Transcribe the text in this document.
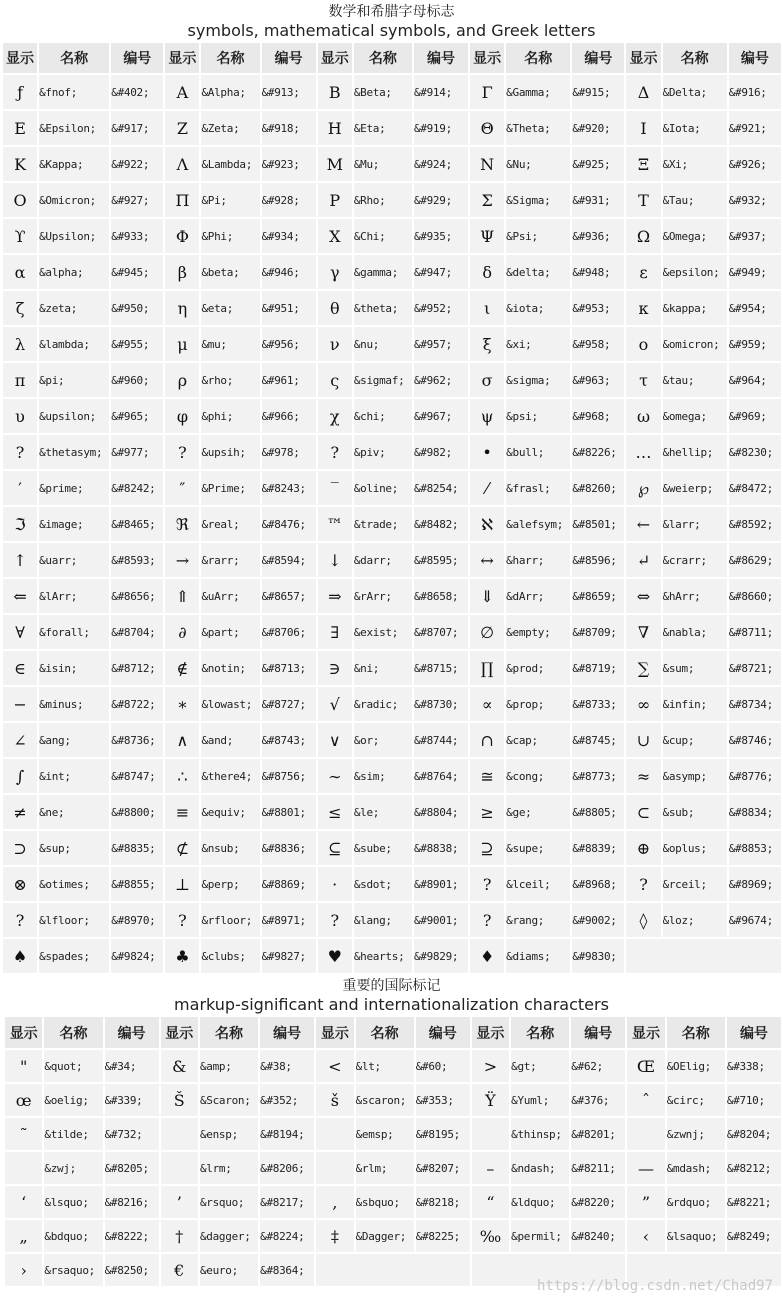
数学和希腊字母标志
symbols, mathematical symbols, and Greek letters
显示	名称	编号	显示	名称	编号	显示	名称	编号	显示	名称	编号	显示	名称	编号
ƒ	&fnof;	&#402;	Α	&Alpha;	&#913;	Β	&Beta;	&#914;	Γ	&Gamma;	&#915;	Δ	&Delta;	&#916;
Ε	&Epsilon;	&#917;	Ζ	&Zeta;	&#918;	Η	&Eta;	&#919;	Θ	&Theta;	&#920;	Ι	&Iota;	&#921;
Κ	&Kappa;	&#922;	Λ	&Lambda;	&#923;	Μ	&Mu;	&#924;	Ν	&Nu;	&#925;	Ξ	&Xi;	&#926;
Ο	&Omicron;	&#927;	Π	&Pi;	&#928;	Ρ	&Rho;	&#929;	Σ	&Sigma;	&#931;	Τ	&Tau;	&#932;
ϒ	&Upsilon;	&#933;	Φ	&Phi;	&#934;	Χ	&Chi;	&#935;	Ψ	&Psi;	&#936;	Ω	&Omega;	&#937;
α	&alpha;	&#945;	β	&beta;	&#946;	γ	&gamma;	&#947;	δ	&delta;	&#948;	ε	&epsilon;	&#949;
ζ	&zeta;	&#950;	η	&eta;	&#951;	θ	&theta;	&#952;	ι	&iota;	&#953;	κ	&kappa;	&#954;
λ	&lambda;	&#955;	μ	&mu;	&#956;	ν	&nu;	&#957;	ξ	&xi;	&#958;	ο	&omicron;	&#959;
π	&pi;	&#960;	ρ	&rho;	&#961;	ς	&sigmaf;	&#962;	σ	&sigma;	&#963;	τ	&tau;	&#964;
υ	&upsilon;	&#965;	φ	&phi;	&#966;	χ	&chi;	&#967;	ψ	&psi;	&#968;	ω	&omega;	&#969;
?	&thetasym;	&#977;	?	&upsih;	&#978;	?	&piv;	&#982;	•	&bull;	&#8226;	…	&hellip;	&#8230;
′	&prime;	&#8242;	″	&Prime;	&#8243;	‾	&oline;	&#8254;	⁄	&frasl;	&#8260;	℘	&weierp;	&#8472;
ℑ	&image;	&#8465;	ℜ	&real;	&#8476;	™	&trade;	&#8482;	ℵ	&alefsym;	&#8501;	←	&larr;	&#8592;
↑	&uarr;	&#8593;	→	&rarr;	&#8594;	↓	&darr;	&#8595;	↔	&harr;	&#8596;	↵	&crarr;	&#8629;
⇐	&lArr;	&#8656;	⇑	&uArr;	&#8657;	⇒	&rArr;	&#8658;	⇓	&dArr;	&#8659;	⇔	&hArr;	&#8660;
∀	&forall;	&#8704;	∂	&part;	&#8706;	∃	&exist;	&#8707;	∅	&empty;	&#8709;	∇	&nabla;	&#8711;
∈	&isin;	&#8712;	∉	&notin;	&#8713;	∋	&ni;	&#8715;	∏	&prod;	&#8719;	∑	&sum;	&#8721;
−	&minus;	&#8722;	∗	&lowast;	&#8727;	√	&radic;	&#8730;	∝	&prop;	&#8733;	∞	&infin;	&#8734;
∠	&ang;	&#8736;	∧	&and;	&#8743;	∨	&or;	&#8744;	∩	&cap;	&#8745;	∪	&cup;	&#8746;
∫	&int;	&#8747;	∴	&there4;	&#8756;	∼	&sim;	&#8764;	≅	&cong;	&#8773;	≈	&asymp;	&#8776;
≠	&ne;	&#8800;	≡	&equiv;	&#8801;	≤	&le;	&#8804;	≥	&ge;	&#8805;	⊂	&sub;	&#8834;
⊃	&sup;	&#8835;	⊄	&nsub;	&#8836;	⊆	&sube;	&#8838;	⊇	&supe;	&#8839;	⊕	&oplus;	&#8853;
⊗	&otimes;	&#8855;	⊥	&perp;	&#8869;	⋅	&sdot;	&#8901;	?	&lceil;	&#8968;	?	&rceil;	&#8969;
?	&lfloor;	&#8970;	?	&rfloor;	&#8971;	?	&lang;	&#9001;	?	&rang;	&#9002;	◊	&loz;	&#9674;
♠	&spades;	&#9824;	♣	&clubs;	&#9827;	♥	&hearts;	&#9829;	♦	&diams;	&#9830;			
重要的国际标记
markup-significant and internationalization characters
显示	名称	编号	显示	名称	编号	显示	名称	编号	显示	名称	编号	显示	名称	编号
"	&quot;	&#34;	&	&amp;	&#38;	<	&lt;	&#60;	>	&gt;	&#62;	Œ	&OElig;	&#338;
œ	&oelig;	&#339;	Š	&Scaron;	&#352;	š	&scaron;	&#353;	Ÿ	&Yuml;	&#376;	ˆ	&circ;	&#710;
˜	&tilde;	&#732;		&ensp;	&#8194;		&emsp;	&#8195;		&thinsp;	&#8201;		&zwnj;	&#8204;
	&zwj;	&#8205;		&lrm;	&#8206;		&rlm;	&#8207;	–	&ndash;	&#8211;	—	&mdash;	&#8212;
‘	&lsquo;	&#8216;	’	&rsquo;	&#8217;	‚	&sbquo;	&#8218;	“	&ldquo;	&#8220;	”	&rdquo;	&#8221;
„	&bdquo;	&#8222;	†	&dagger;	&#8224;	‡	&Dagger;	&#8225;	‰	&permil;	&#8240;	‹	&lsaquo;	&#8249;
›	&rsaquo;	&#8250;	€	&euro;	&#8364;									
https://blog.csdn.net/Chad97
